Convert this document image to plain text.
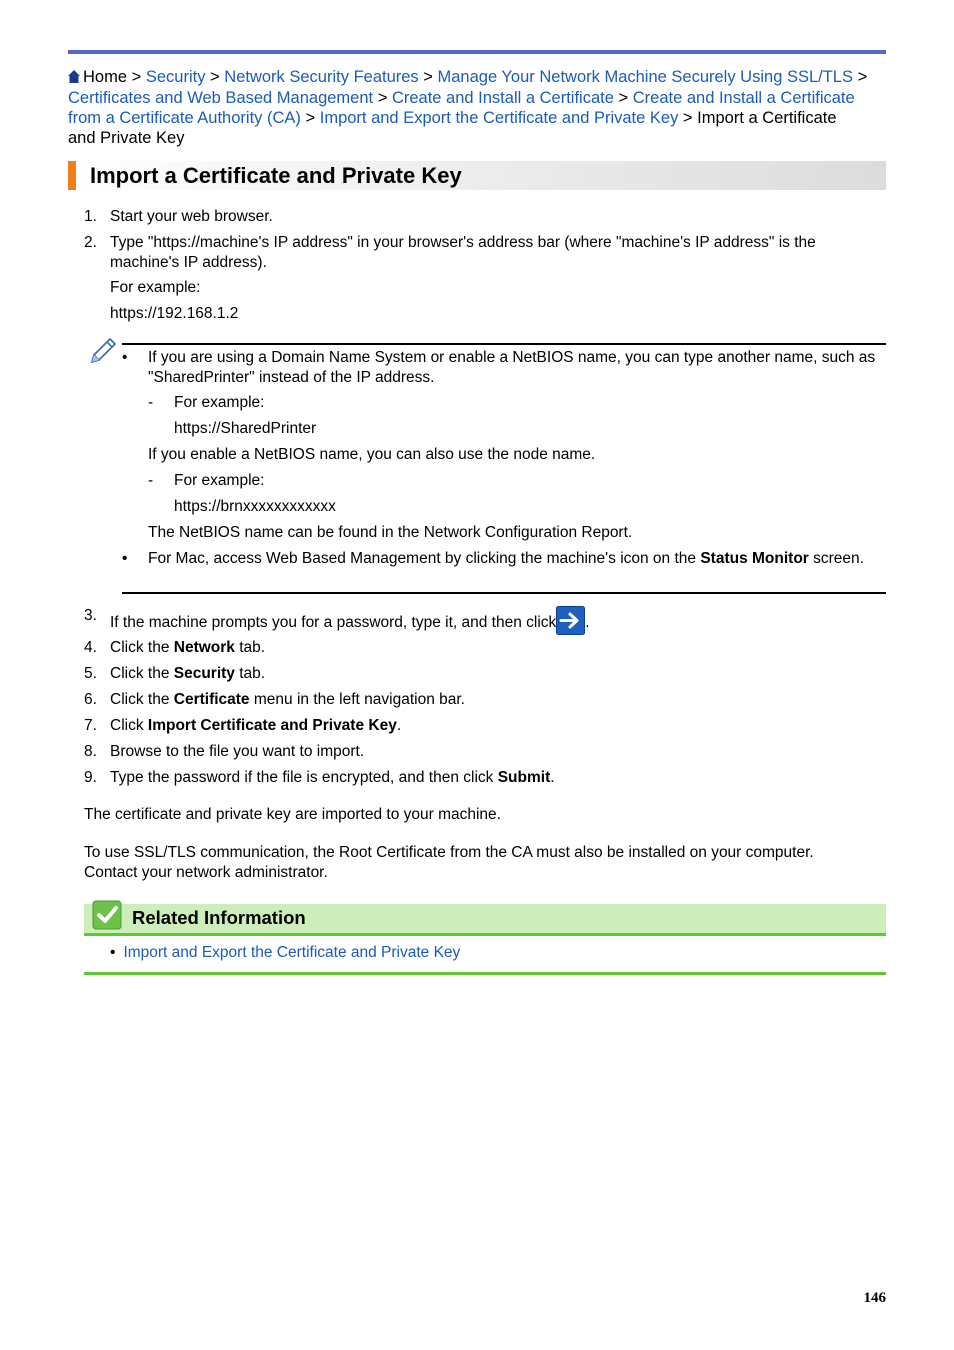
Home > Security > Network Security Features > Manage Your Network Machine Securely Using SSL/TLS > Certificates and Web Based Management > Create and Install a Certificate > Create and Install a Certificate from a Certificate Authority (CA) > Import and Export the Certificate and Private Key > Import a Certificate and Private Key
Import a Certificate and Private Key
1. Start your web browser.
2. Type "https://machine's IP address" in your browser's address bar (where "machine's IP address" is the machine's IP address).
For example:
https://192.168.1.2
• If you are using a Domain Name System or enable a NetBIOS name, you can type another name, such as "SharedPrinter" instead of the IP address.
- For example:
https://SharedPrinter
If you enable a NetBIOS name, you can also use the node name.
- For example:
https://brnxxxxxxxxxxxx
The NetBIOS name can be found in the Network Configuration Report.
• For Mac, access Web Based Management by clicking the machine's icon on the Status Monitor screen.
3. If the machine prompts you for a password, type it, and then click .
4. Click the Network tab.
5. Click the Security tab.
6. Click the Certificate menu in the left navigation bar.
7. Click Import Certificate and Private Key.
8. Browse to the file you want to import.
9. Type the password if the file is encrypted, and then click Submit.
The certificate and private key are imported to your machine.
To use SSL/TLS communication, the Root Certificate from the CA must also be installed on your computer. Contact your network administrator.
Related Information
• Import and Export the Certificate and Private Key
146
